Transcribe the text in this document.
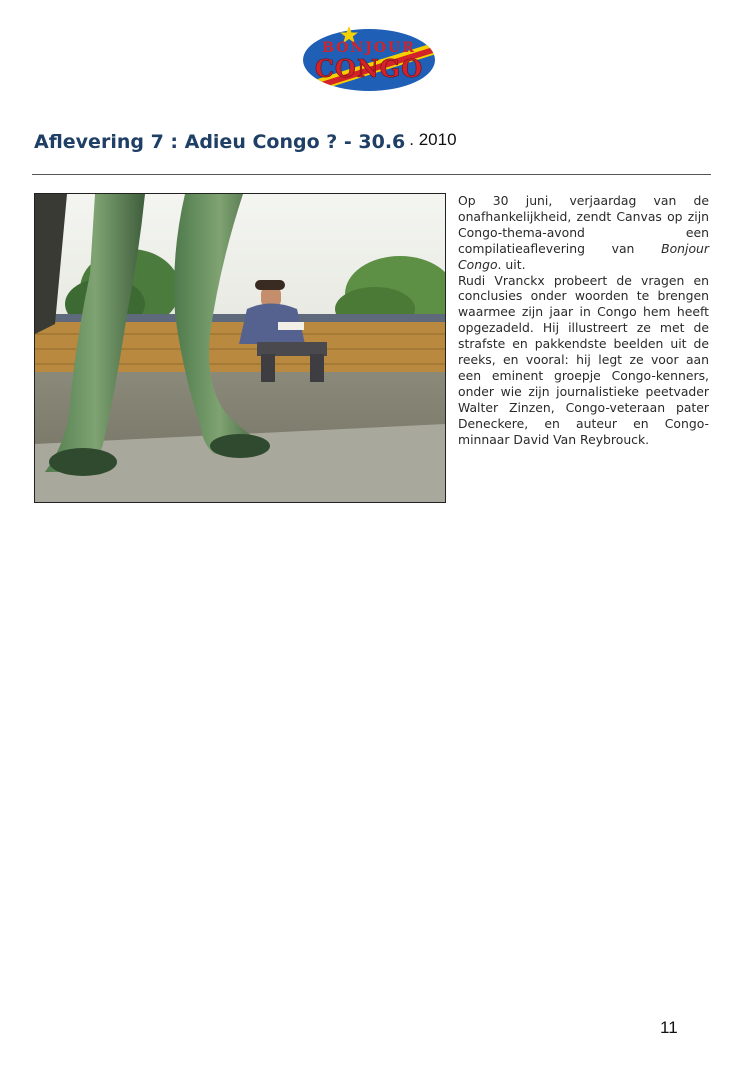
BONJOUR
CONGO
Aflevering 7 : Adieu Congo ? - 30.6 . 2010

Op 30 juni, verjaardag van de onafhankelijkheid, zendt Canvas op zijn Congo-thema-avond een compilatieaflevering van Bonjour Congo. uit.

Rudi Vranckx probeert de vragen en conclusies onder woorden te brengen waarmee zijn jaar in Congo hem heeft opgezadeld. Hij illustreert ze met de strafste en pakkendste beelden uit de reeks, en vooral: hij legt ze voor aan een eminent groepje Congo-kenners, onder wie zijn journalistieke peetvader Walter Zinzen, Congo-veteraan pater Deneckere, en auteur en Congo-minnaar David Van Reybrouck.

11
